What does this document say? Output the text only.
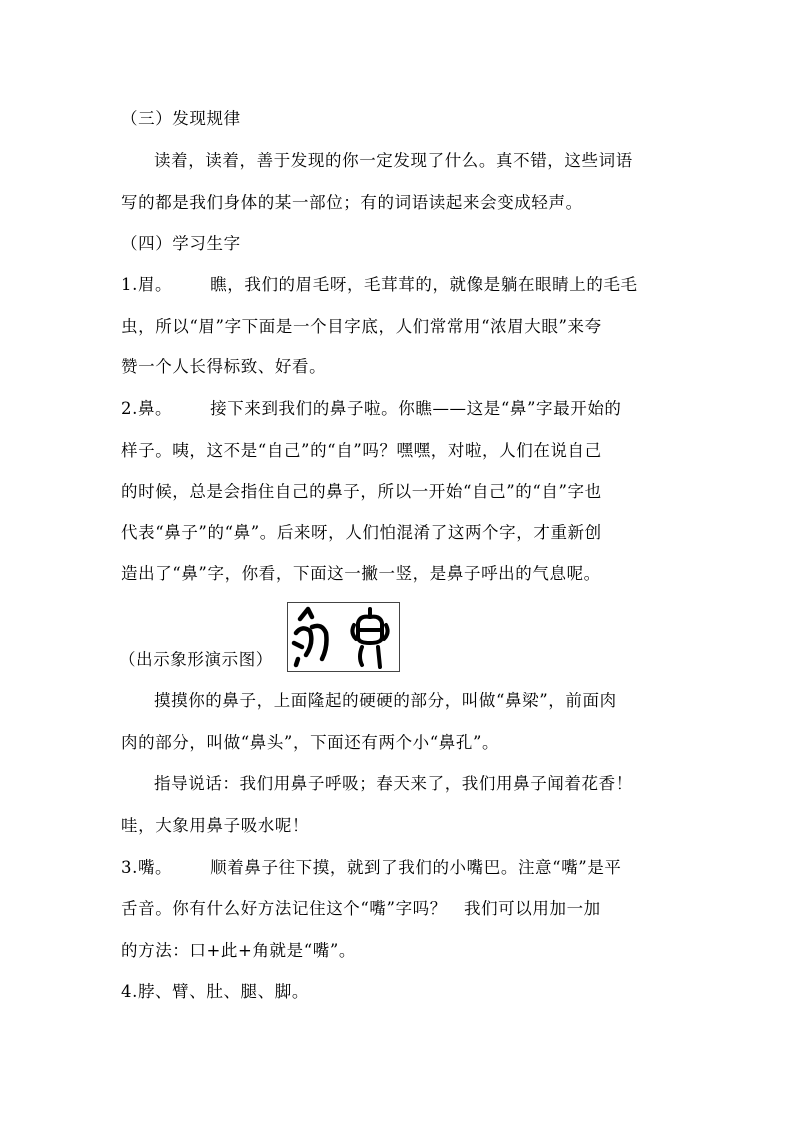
（三）发现规律
读着，读着，善于发现的你一定发现了什么。真不错，这些词语
写的都是我们身体的某一部位；有的词语读起来会变成轻声。
（四）学习生字
1.眉。 瞧，我们的眉毛呀，毛茸茸的，就像是躺在眼睛上的毛毛
虫，所以“眉”字下面是一个目字底，人们常常用“浓眉大眼”来夸
赞一个人长得标致、好看。
2.鼻。 接下来到我们的鼻子啦。你瞧——这是“鼻”字最开始的
样子。咦，这不是“自己”的“自”吗？嘿嘿，对啦，人们在说自己
的时候，总是会指住自己的鼻子，所以一开始“自己”的“自”字也
代表“鼻子”的“鼻”。后来呀，人们怕混淆了这两个字，才重新创
造出了“鼻”字，你看，下面这一撇一竖，是鼻子呼出的气息呢。
（出示象形演示图）
摸摸你的鼻子，上面隆起的硬硬的部分，叫做“鼻梁”，前面肉
肉的部分，叫做“鼻头”，下面还有两个小“鼻孔”。
指导说话：我们用鼻子呼吸；春天来了，我们用鼻子闻着花香！
哇，大象用鼻子吸水呢！
3.嘴。 顺着鼻子往下摸，就到了我们的小嘴巴。注意“嘴”是平
舌音。你有什么好方法记住这个“嘴”字吗？　我们可以用加一加
的方法：口+此+角就是“嘴”。
4.脖、臂、肚、腿、脚。
